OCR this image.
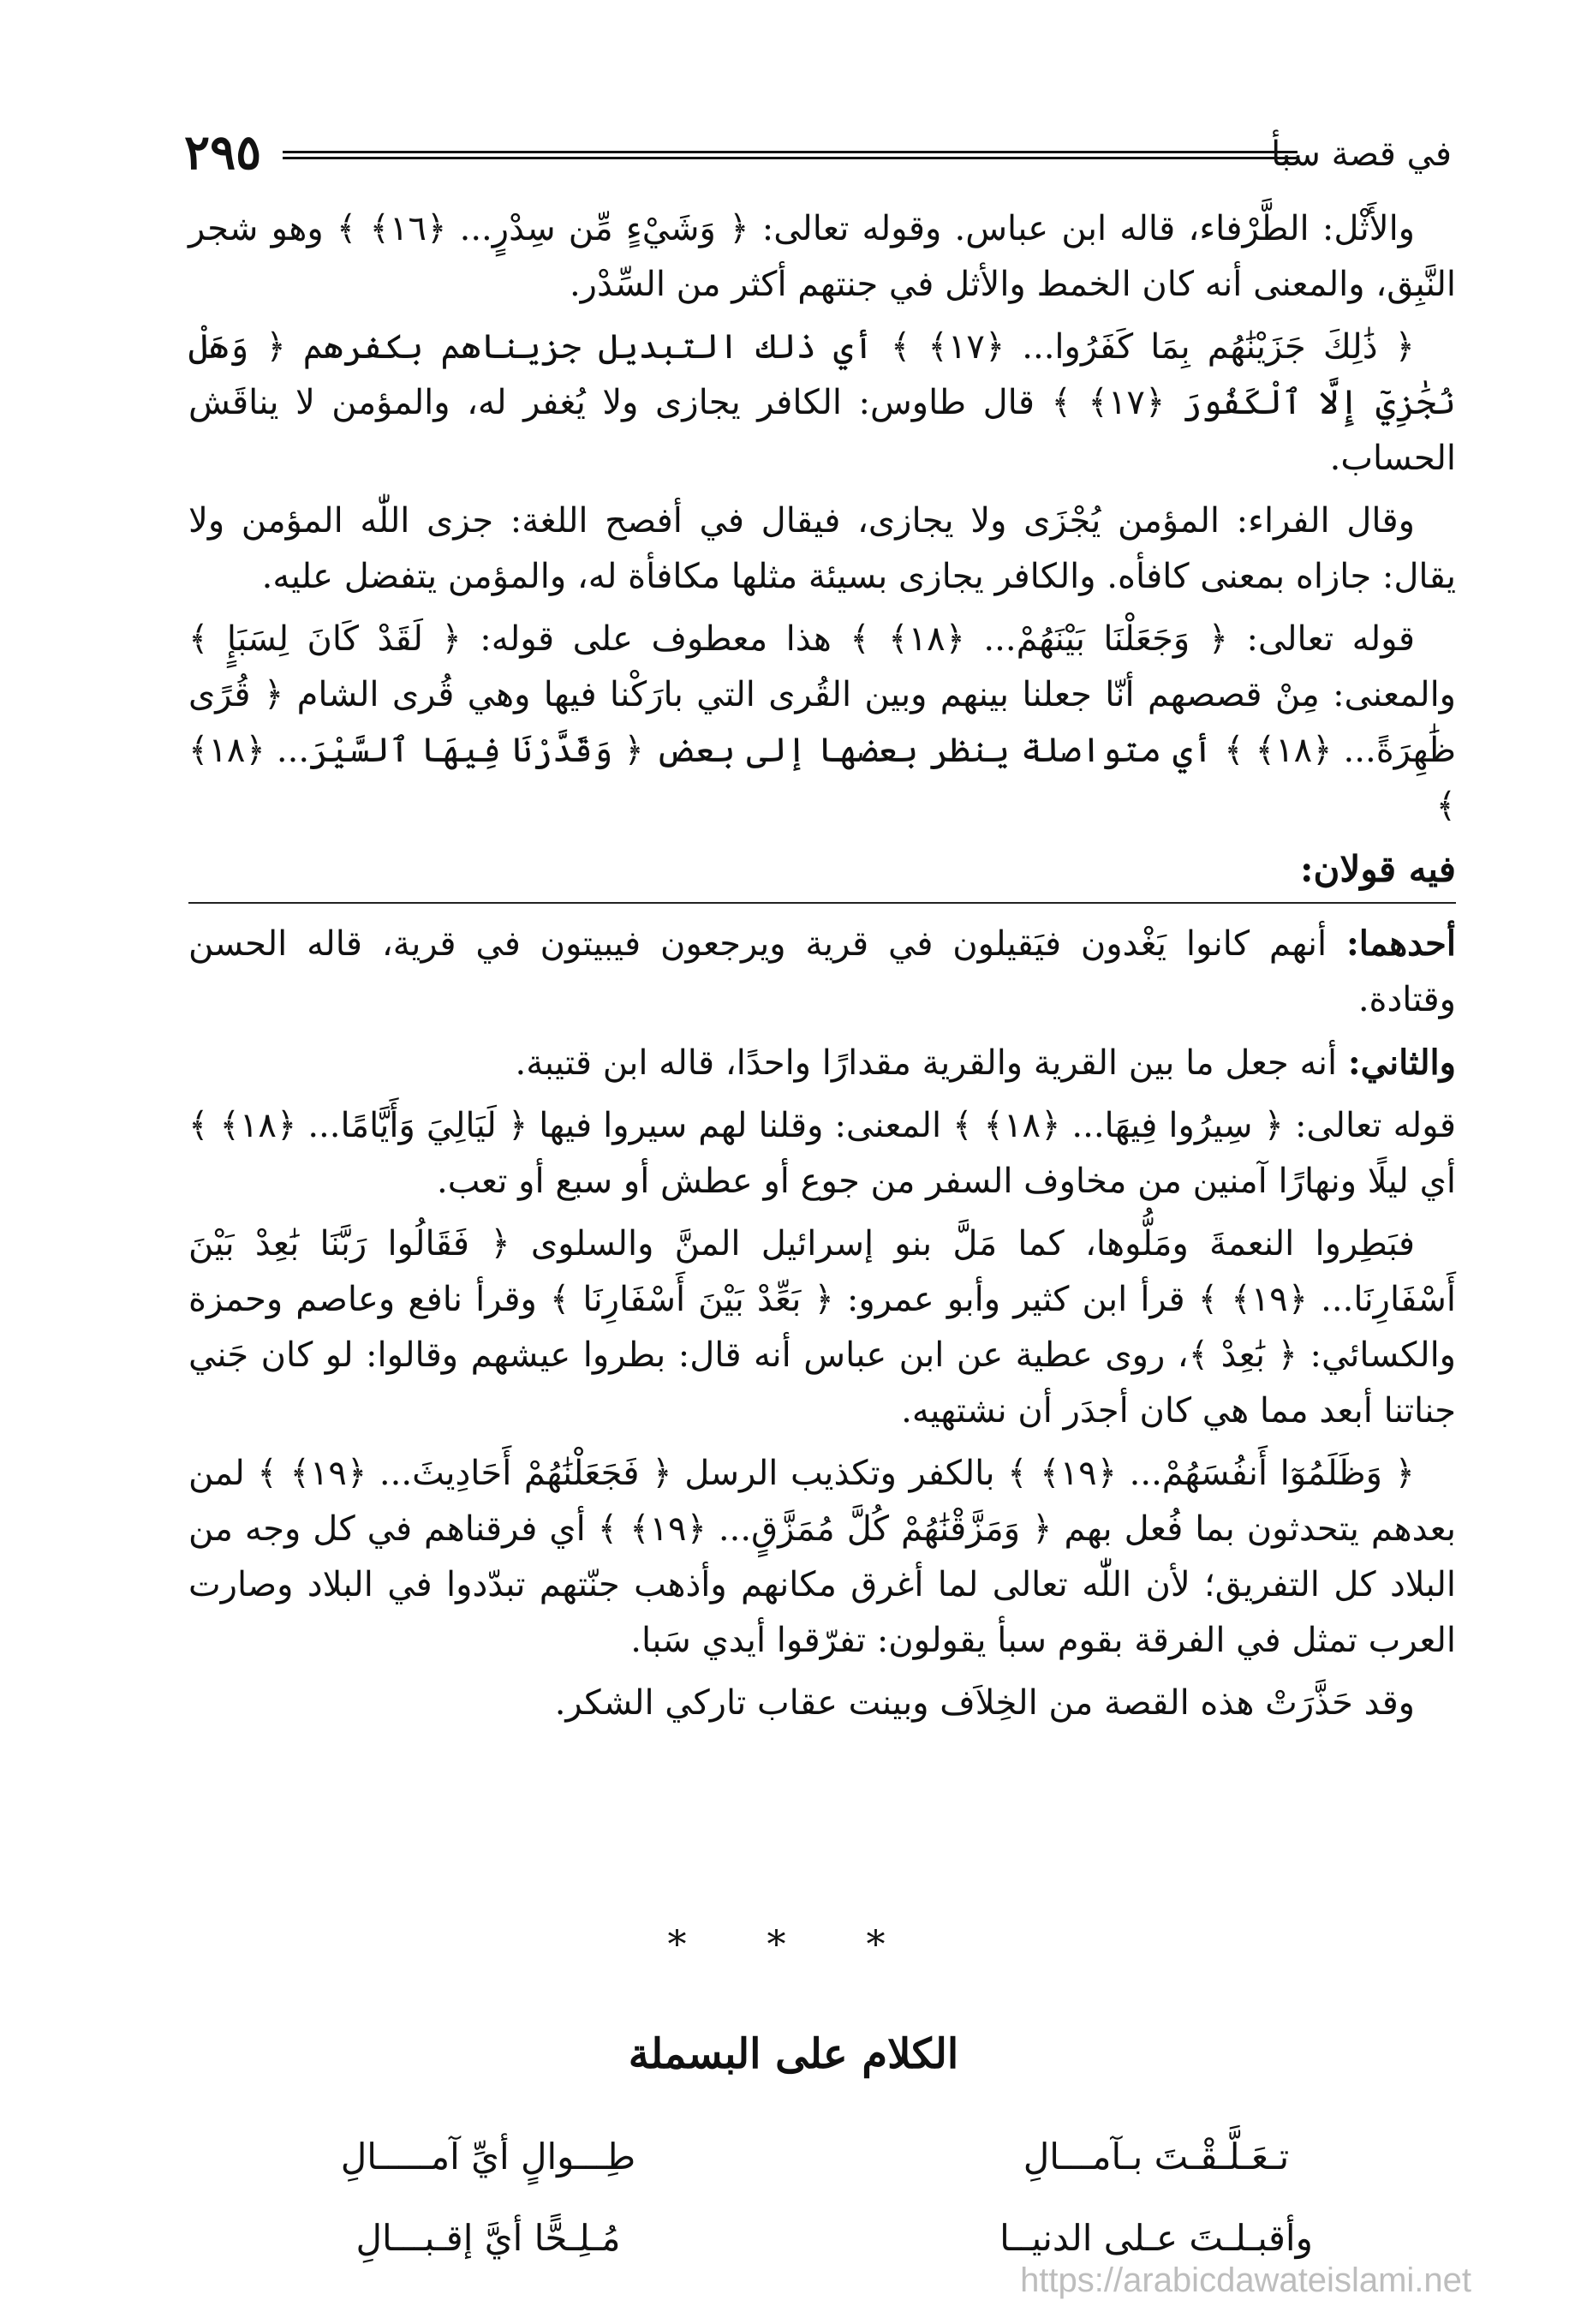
٢٩٥	في قصة سبأ

والأَثْل: الطَّرْفاء، قاله ابن عباس. وقوله تعالى: ﴿ وَشَيْءٍ مِّن سِدْرٍ... ﴿١٦﴾ ﴾ وهو شجر النَّبِق، والمعنى أنه كان الخمط والأثل في جنتهم أكثر من السِّدْر.

﴿ ذَٰلِكَ جَزَيْنَٰهُم بِمَا كَفَرُوا... ﴿١٧﴾ ﴾ أي ذلك التبديل جزيناهم بكفرهم ﴿ وَهَلْ نُجَٰزِيٓ إِلَّا ٱلْكَفُورَ ﴿١٧﴾ ﴾ قال طاوس: الكافر يجازى ولا يُغفر له، والمؤمن لا يناقَش الحساب.

وقال الفراء: المؤمن يُجْزَى ولا يجازى، فيقال في أفصح اللغة: جزى اللّٰه المؤمن ولا يقال: جازاه بمعنى كافأه. والكافر يجازى بسيئة مثلها مكافأة له، والمؤمن يتفضل عليه.

قوله تعالى: ﴿ وَجَعَلْنَا بَيْنَهُمْ... ﴿١٨﴾ ﴾ هذا معطوف على قوله: ﴿ لَقَدْ كَانَ لِسَبَإٍ ﴾ والمعنى: مِنْ قصصهم أنّا جعلنا بينهم وبين القُرى التي بارَكْنا فيها وهي قُرى الشام ﴿ قُرًى ظَٰهِرَةً... ﴿١٨﴾ ﴾ أي متواصلة ينظر بعضها إلى بعض ﴿ وَقَدَّرْنَا فِيهَا ٱلسَّيْرَ... ﴿١٨﴾ ﴾

فيه قولان:

أحدهما: أنهم كانوا يَغْدون فيَقيلون في قرية ويرجعون فيبيتون في قرية، قاله الحسن وقتادة.

والثاني: أنه جعل ما بين القرية والقرية مقدارًا واحدًا، قاله ابن قتيبة.

قوله تعالى: ﴿ سِيرُوا فِيهَا... ﴿١٨﴾ ﴾ المعنى: وقلنا لهم سيروا فيها ﴿ لَيَالِيَ وَأَيَّامًا... ﴿١٨﴾ ﴾ أي ليلًا ونهارًا آمنين من مخاوف السفر من جوع أو عطش أو سبع أو تعب.

فبَطِروا النعمةَ ومَلُّوها، كما مَلَّ بنو إسرائيل المنَّ والسلوى ﴿ فَقَالُوا رَبَّنَا بَٰعِدْ بَيْنَ أَسْفَارِنَا... ﴿١٩﴾ ﴾ قرأ ابن كثير وأبو عمرو: ﴿ بَعِّدْ بَيْنَ أَسْفَارِنَا ﴾ وقرأ نافع وعاصم وحمزة والكسائي: ﴿ بَٰعِدْ ﴾، روى عطية عن ابن عباس أنه قال: بطروا عيشهم وقالوا: لو كان جَني جناتنا أبعد مما هي كان أجدَر أن نشتهيه.

﴿ وَظَلَمُوٓا أَنفُسَهُمْ... ﴿١٩﴾ ﴾ بالكفر وتكذيب الرسل ﴿ فَجَعَلْنَٰهُمْ أَحَادِيثَ... ﴿١٩﴾ ﴾ لمن بعدهم يتحدثون بما فُعل بهم ﴿ وَمَزَّقْنَٰهُمْ كُلَّ مُمَزَّقٍ... ﴿١٩﴾ ﴾ أي فرقناهم في كل وجه من البلاد كل التفريق؛ لأن اللّٰه تعالى لما أغرق مكانهم وأذهب جنّتهم تبدّدوا في البلاد وصارت العرب تمثل في الفرقة بقوم سبأ يقولون: تفرّقوا أيدي سَبا.

وقد حَذَّرَتْ هذه القصة من الخِلاَف وبينت عقاب تاركي الشكر.

* * *
الكلام على البسملة
تـعَـلَّـقْـتَ بـآمـــالِ
طِـــوالٍ أيِّ آمـــــالِ
وأقبـلـتَ عـلى الدنيــا
مُـلِـحًّا أيَّ إقـبـــالِ
https://arabicdawateislami.net
